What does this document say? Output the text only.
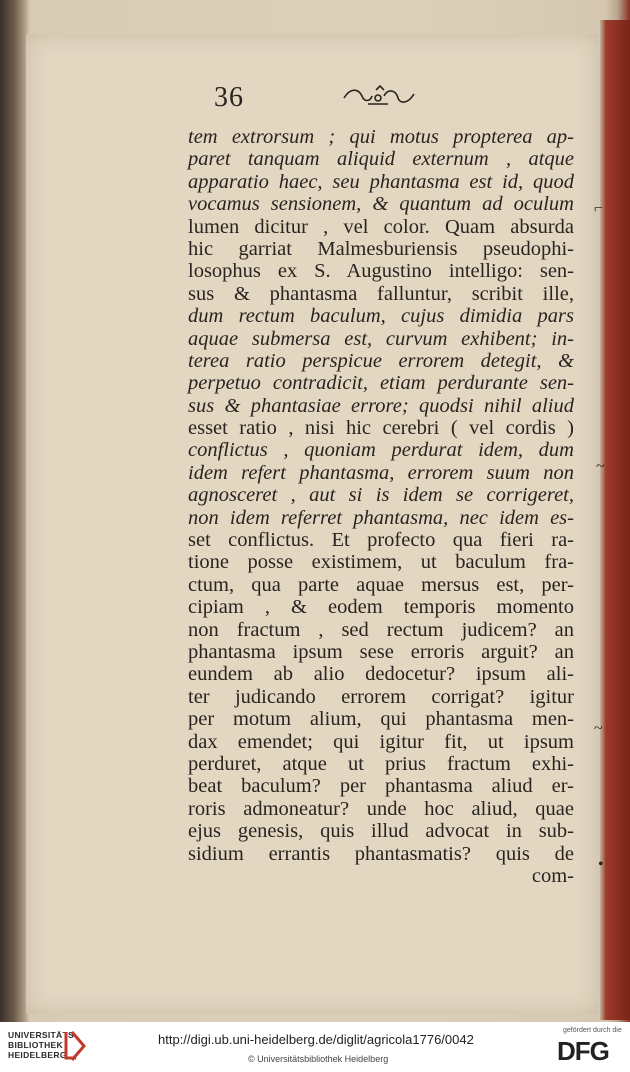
36
tem extrorsum ; qui motus propterea ap-
paret tanquam aliquid externum , atque
apparatio haec, seu phantasma est id, quod
vocamus sensionem, & quantum ad oculum
lumen dicitur , vel color. Quam absurda
hic garriat Malmesburiensis pseudophi-
losophus ex S. Augustino intelligo: sen-
sus & phantasma falluntur, scribit ille,
dum rectum baculum, cujus dimidia pars
aquae submersa est, curvum exhibent; in-
terea ratio perspicue errorem detegit, &
perpetuo contradicit, etiam perdurante sen-
sus & phantasiae errore; quodsi nihil aliud
esset ratio , nisi hic cerebri ( vel cordis )
conflictus , quoniam perdurat idem, dum
idem refert phantasma, errorem suum non
agnosceret , aut si is idem se corrigeret,
non idem referret phantasma, nec idem es-
set conflictus. Et profecto qua fieri ra-
tione posse existimem, ut baculum fra-
ctum, qua parte aquae mersus est, per-
cipiam , & eodem temporis momento
non fractum , sed rectum judicem? an
phantasma ipsum sese erroris arguit? an
eundem ab alio dedocetur? ipsum ali-
ter judicando errorem corrigat? igitur
per motum alium, qui phantasma men-
dax emendet; qui igitur fit, ut ipsum
perduret, atque ut prius fractum exhi-
beat baculum? per phantasma aliud er-
roris admoneatur? unde hoc aliud, quae
ejus genesis, quis illud advocat in sub-
sidium errantis phantasmatis? quis de
com-
⌐
~
~
•
UNIVERSITÄTS-
BIBLIOTHEK
HEIDELBERG
http://digi.ub.uni-heidelberg.de/diglit/agricola1776/0042
© Universitätsbibliothek Heidelberg
gefördert durch die
DFG
